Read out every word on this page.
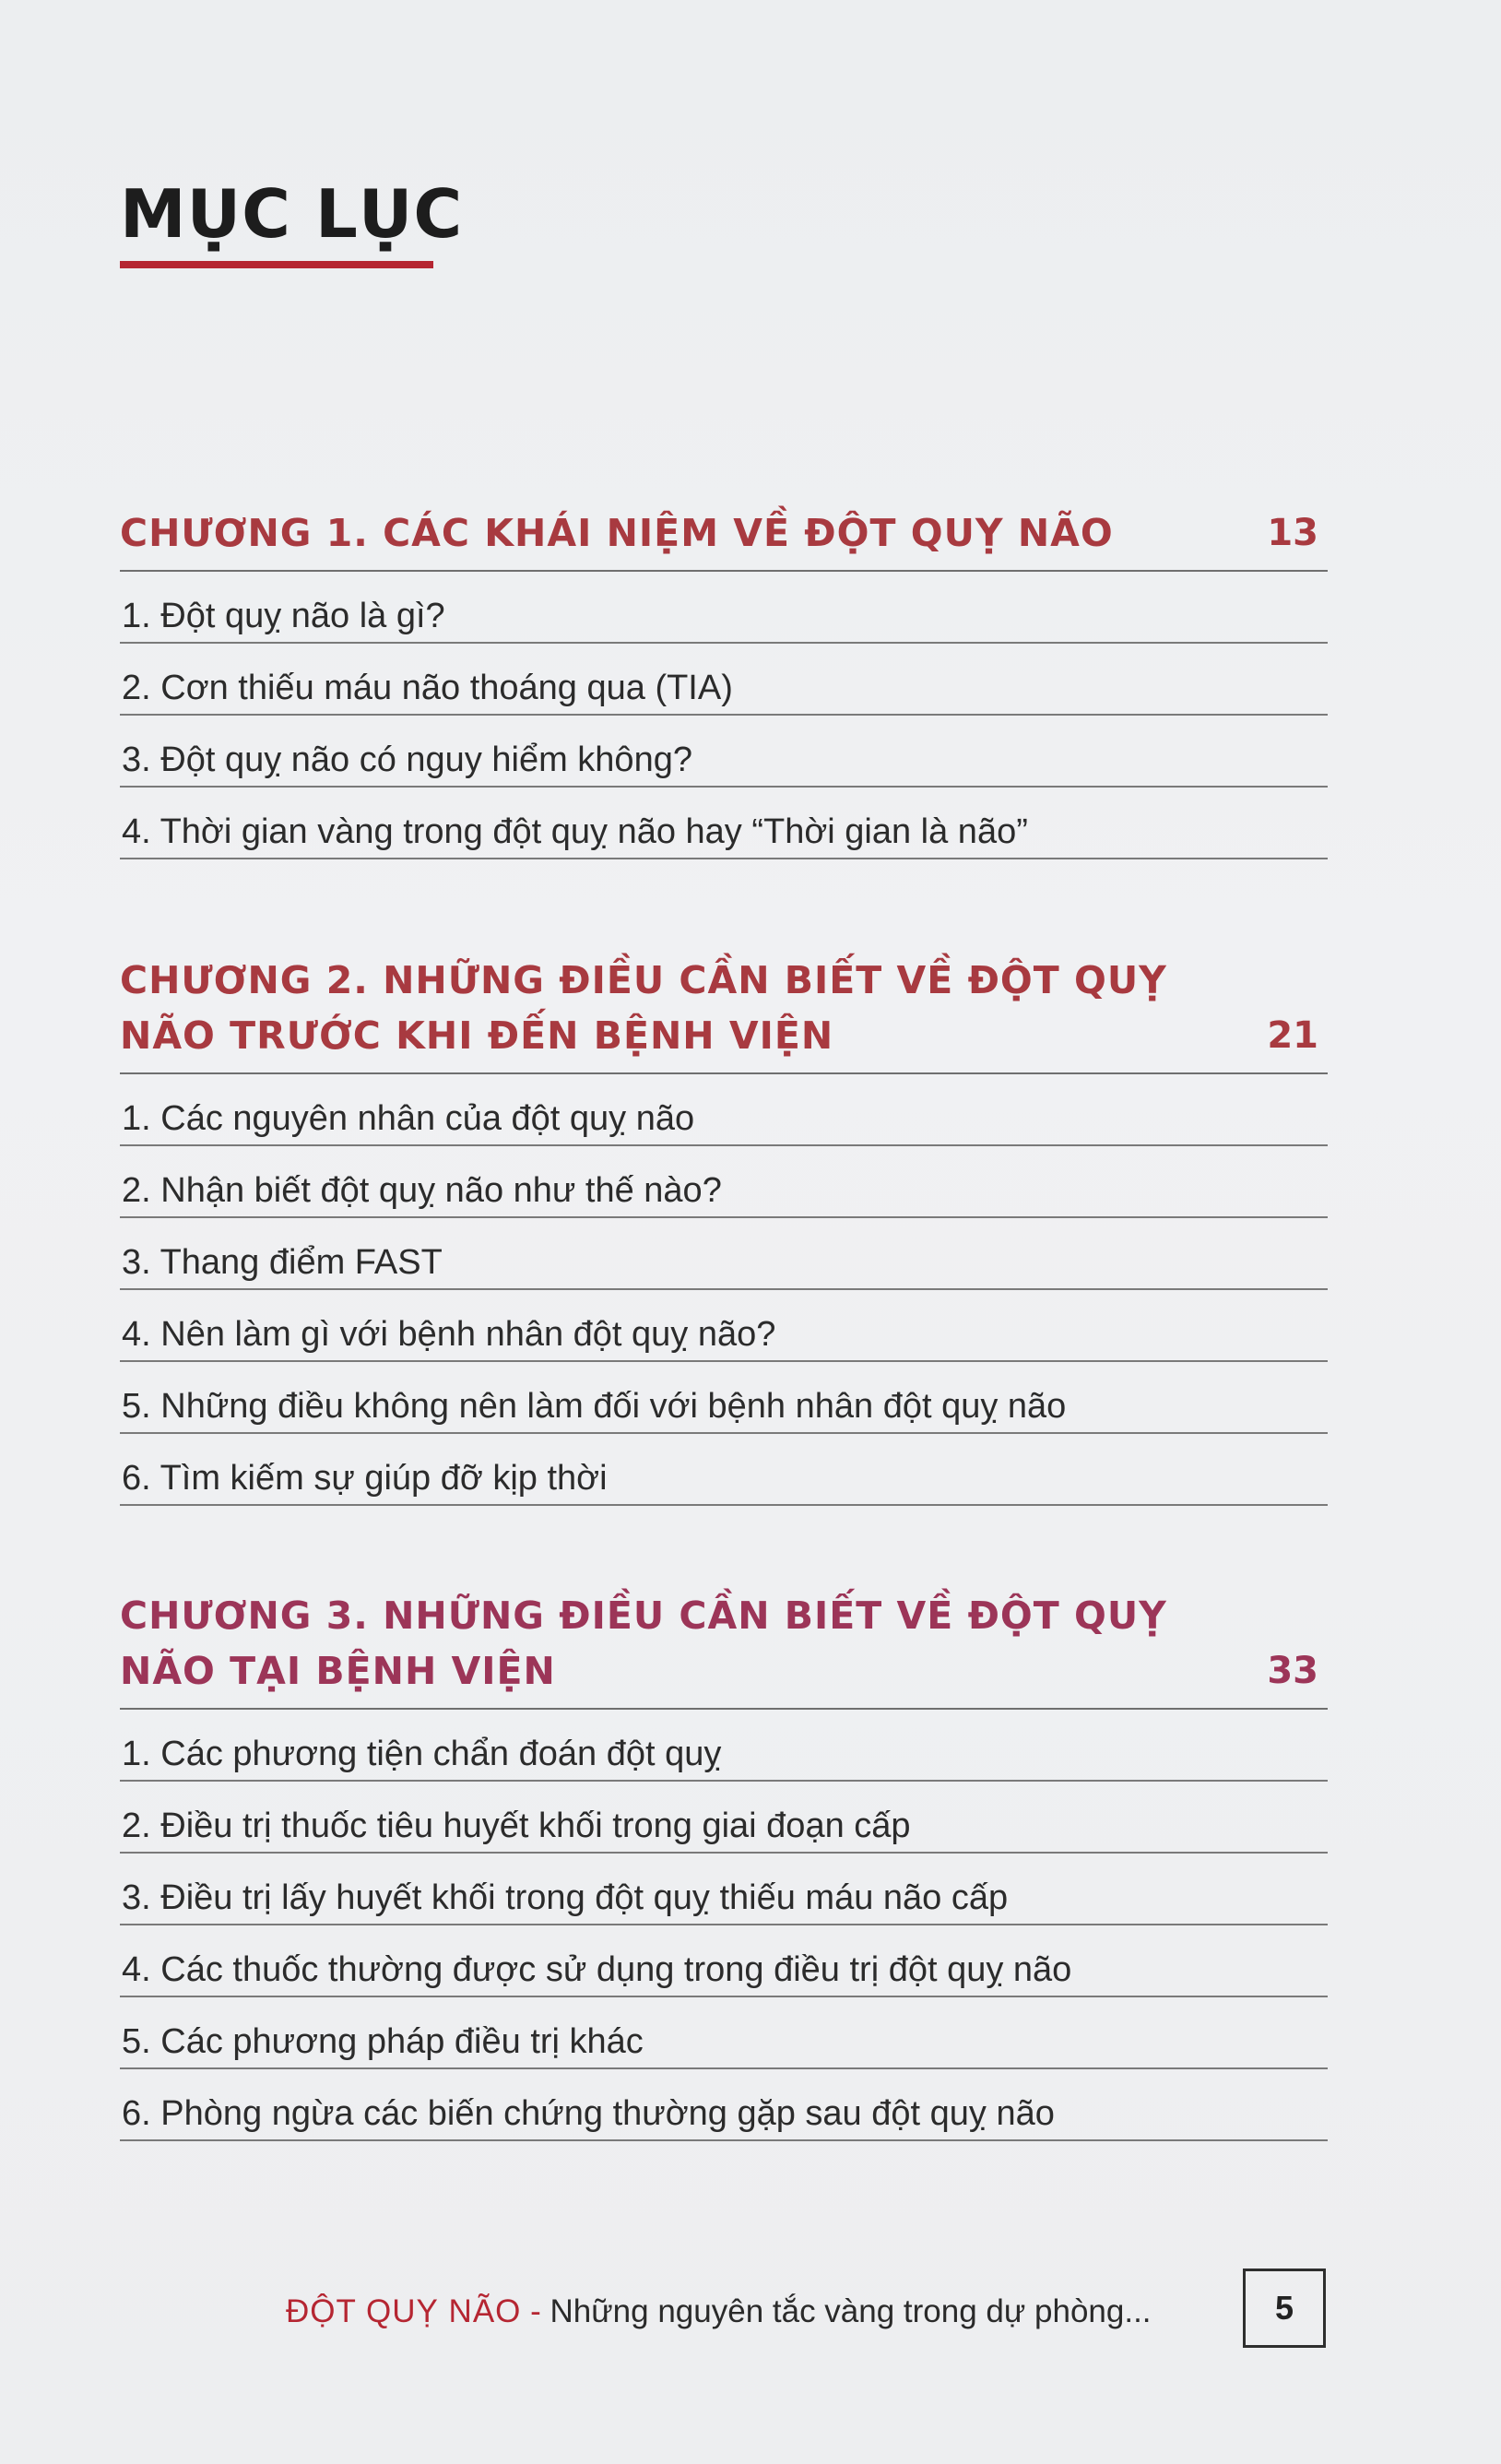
MỤC LỤC
CHƯƠNG 1. CÁC KHÁI NIỆM VỀ ĐỘT QUỴ NÃO	13
1. Đột quỵ não là gì?
2. Cơn thiếu máu não thoáng qua (TIA)
3. Đột quỵ não có nguy hiểm không?
4. Thời gian vàng trong đột quỵ não hay “Thời gian là não”
CHƯƠNG 2. NHỮNG ĐIỀU CẦN BIẾT VỀ ĐỘT QUỴ
NÃO TRƯỚC KHI ĐẾN BỆNH VIỆN	21
1. Các nguyên nhân của đột quỵ não
2. Nhận biết đột quỵ não như thế nào?
3. Thang điểm FAST
4. Nên làm gì với bệnh nhân đột quỵ não?
5. Những điều không nên làm đối với bệnh nhân đột quỵ não
6. Tìm kiếm sự giúp đỡ kịp thời
CHƯƠNG 3. NHỮNG ĐIỀU CẦN BIẾT VỀ ĐỘT QUỴ
NÃO TẠI BỆNH VIỆN	33
1. Các phương tiện chẩn đoán đột quỵ
2. Điều trị thuốc tiêu huyết khối trong giai đoạn cấp
3. Điều trị lấy huyết khối trong đột quỵ thiếu máu não cấp
4. Các thuốc thường được sử dụng trong điều trị đột quỵ não
5. Các phương pháp điều trị khác
6. Phòng ngừa các biến chứng thường gặp sau đột quỵ não
ĐỘT QUỴ NÃO - Những nguyên tắc vàng trong dự phòng...	5
